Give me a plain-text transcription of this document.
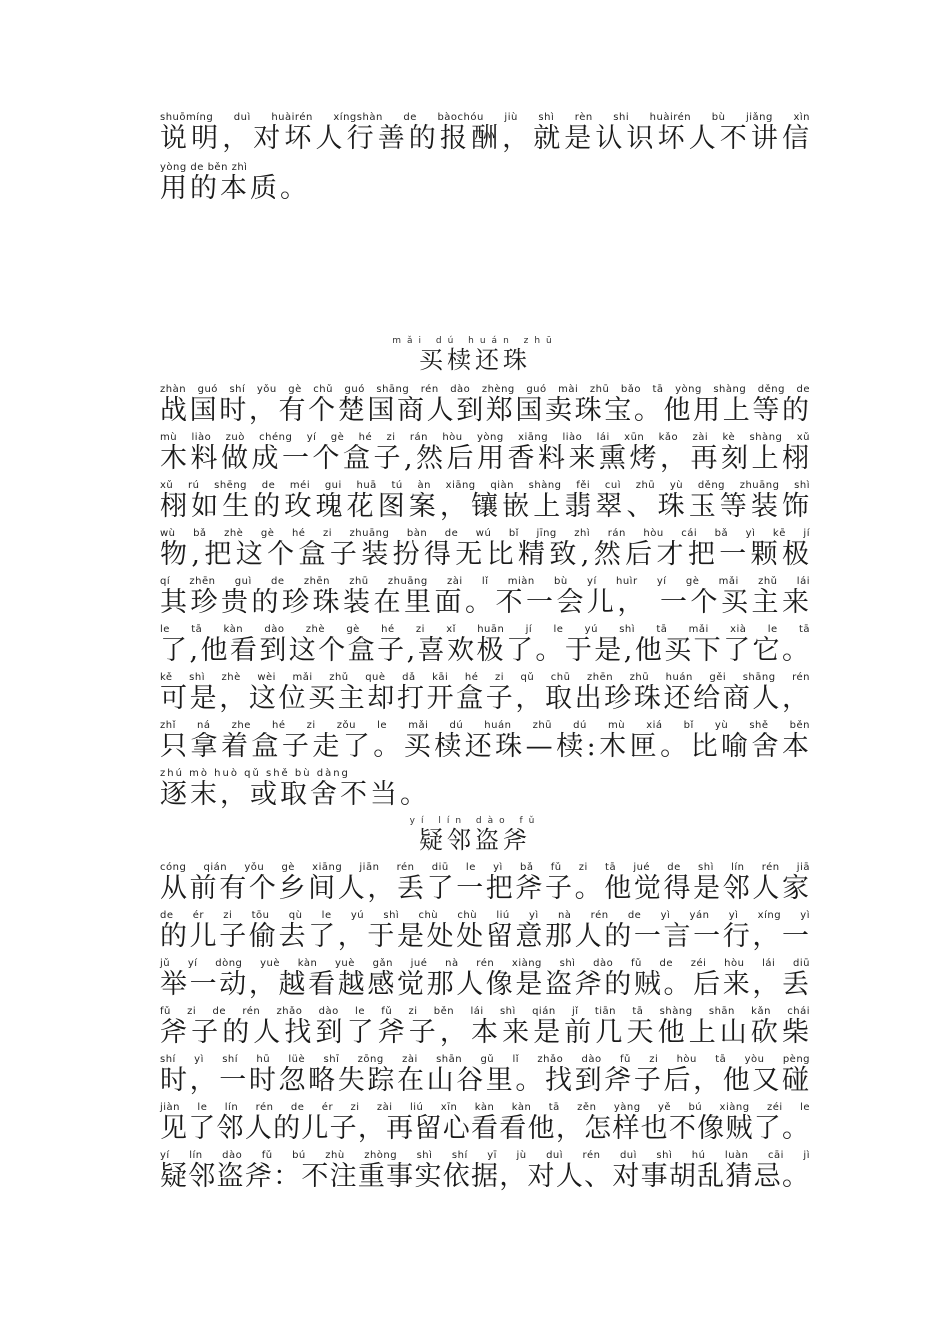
shuōmíng duì huàirén xíngshàn de bàochóu jiù shì rèn shi huàirén bù jiǎng xìn
说明，对坏人行善的报酬，就是认识坏人不讲信
yòng de běn zhì
用的本质。
mǎi dú huán zhū
买椟还珠
zhàn guó shí yǒu gè chǔ guó shāng rén dào zhèng guó mài zhū bǎo tā yòng shàng děng de
战国时，有个楚国商人到郑国卖珠宝。他用上等的
mù liào zuò chéng yí gè hé zi rán hòu yòng xiāng liào lái xūn kǎo zài kè shàng xǔ
木料做成一个盒子,然后用香料来熏烤，再刻上栩
xǔ rú shēng de méi gui huā tú àn xiāng qiàn shàng fěi cuì zhū yù děng zhuāng shì
栩如生的玫瑰花图案，镶嵌上翡翠、珠玉等装饰
wù bǎ zhè gè hé zi zhuāng bàn de wú bǐ jīng zhì rán hòu cái bǎ yì kē jí
物,把这个盒子装扮得无比精致,然后才把一颗极
qí zhēn guì de zhēn zhū zhuāng zài lǐ miàn bù yí huìr yí gè mǎi zhǔ lái
其珍贵的珍珠装在里面。不一会儿， 一个买主来
le tā kàn dào zhè gè hé zi xǐ huān jí le yú shì tā mǎi xià le tā
了,他看到这个盒子,喜欢极了。于是,他买下了它。
kě shì zhè wèi mǎi zhǔ què dǎ kāi hé zi qǔ chū zhēn zhū huán gěi shāng rén
可是，这位买主却打开盒子，取出珍珠还给商人，
zhǐ ná zhe hé zi zǒu le mǎi dú huán zhū dú mù xiá bǐ yù shě běn
只拿着盒子走了。买椟还珠—椟:木匣。比喻舍本
zhú mò huò qǔ shě bù dàng
逐末，或取舍不当。
yí lín dào fǔ
疑邻盗斧
cóng qián yǒu gè xiāng jiān rén diū le yì bǎ fǔ zi tā jué de shì lín rén jiā
从前有个乡间人，丢了一把斧子。他觉得是邻人家
de ér zi tōu qù le yú shì chù chù liú yì nà rén de yì yán yì xíng yì
的儿子偷去了，于是处处留意那人的一言一行，一
jǔ yí dòng yuè kàn yuè gǎn jué nà rén xiàng shì dào fǔ de zéi hòu lái diū
举一动，越看越感觉那人像是盗斧的贼。后来，丢
fǔ zi de rén zhǎo dào le fǔ zi běn lái shì qián jǐ tiān tā shàng shān kǎn chái
斧子的人找到了斧子，本来是前几天他上山砍柴
shí yì shí hū lüè shī zōng zài shān gǔ lǐ zhǎo dào fǔ zi hòu tā yòu pèng
时，一时忽略失踪在山谷里。找到斧子后，他又碰
jiàn le lín rén de ér zi zài liú xīn kàn kàn tā zěn yàng yě bú xiàng zéi le
见了邻人的儿子，再留心看看他，怎样也不像贼了。
yí lín dào fǔ bú zhù zhòng shì shí yī jù duì rén duì shì hú luàn cāi jì
疑邻盗斧：不注重事实依据，对人、对事胡乱猜忌。
